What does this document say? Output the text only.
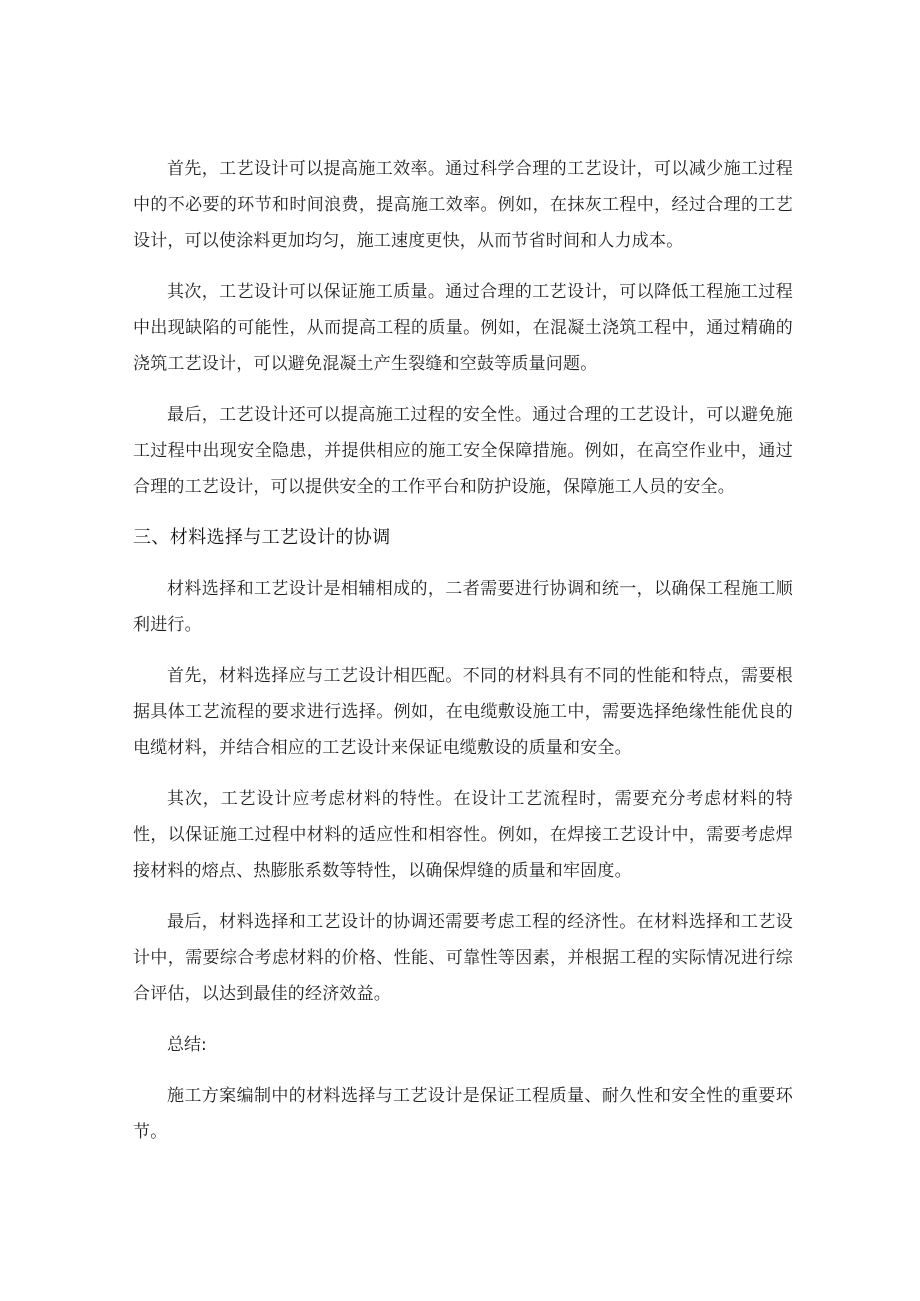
首先，工艺设计可以提高施工效率。通过科学合理的工艺设计，可以减少施工过程中的不必要的环节和时间浪费，提高施工效率。例如，在抹灰工程中，经过合理的工艺设计，可以使涂料更加均匀，施工速度更快，从而节省时间和人力成本。

其次，工艺设计可以保证施工质量。通过合理的工艺设计，可以降低工程施工过程中出现缺陷的可能性，从而提高工程的质量。例如，在混凝土浇筑工程中，通过精确的浇筑工艺设计，可以避免混凝土产生裂缝和空鼓等质量问题。

最后，工艺设计还可以提高施工过程的安全性。通过合理的工艺设计，可以避免施工过程中出现安全隐患，并提供相应的施工安全保障措施。例如，在高空作业中，通过合理的工艺设计，可以提供安全的工作平台和防护设施，保障施工人员的安全。

三、材料选择与工艺设计的协调

材料选择和工艺设计是相辅相成的，二者需要进行协调和统一，以确保工程施工顺利进行。

首先，材料选择应与工艺设计相匹配。不同的材料具有不同的性能和特点，需要根据具体工艺流程的要求进行选择。例如，在电缆敷设施工中，需要选择绝缘性能优良的电缆材料，并结合相应的工艺设计来保证电缆敷设的质量和安全。

其次，工艺设计应考虑材料的特性。在设计工艺流程时，需要充分考虑材料的特性，以保证施工过程中材料的适应性和相容性。例如，在焊接工艺设计中，需要考虑焊接材料的熔点、热膨胀系数等特性，以确保焊缝的质量和牢固度。

最后，材料选择和工艺设计的协调还需要考虑工程的经济性。在材料选择和工艺设计中，需要综合考虑材料的价格、性能、可靠性等因素，并根据工程的实际情况进行综合评估，以达到最佳的经济效益。

总结:

施工方案编制中的材料选择与工艺设计是保证工程质量、耐久性和安全性的重要环节。
